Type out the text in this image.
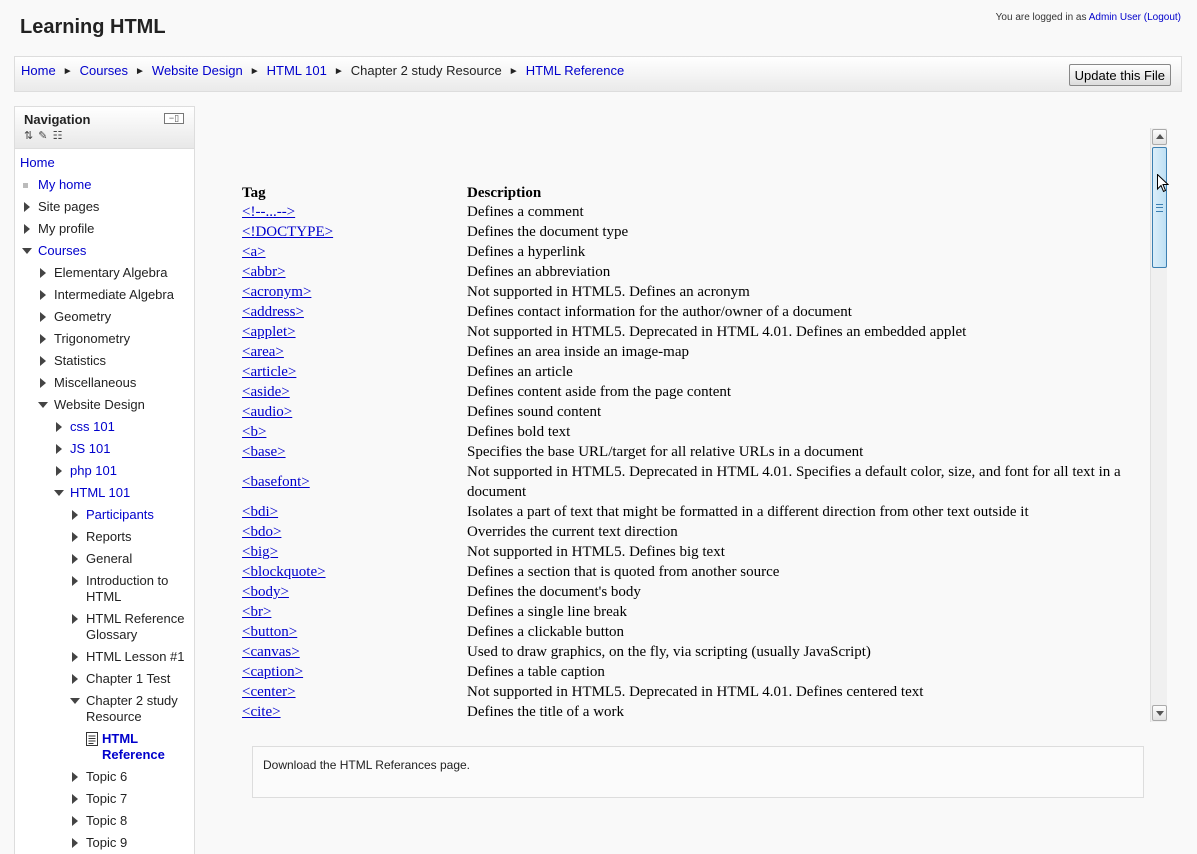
Learning HTML	You are logged in as Admin User (Logout)
Home ► Courses ► Website Design ► HTML 101 ► Chapter 2 study Resource ► HTML Reference	Update this File
Navigation
⇅ ✎ ☷
−▯
Home
My home
Site pages
My profile
Courses
Elementary Algebra
Intermediate Algebra
Geometry
Trigonometry
Statistics
Miscellaneous
Website Design
css 101
JS 101
php 101
HTML 101
Participants
Reports
General
Introduction to HTML
HTML Reference Glossary
HTML Lesson #1
Chapter 1 Test
Chapter 2 study Resource
HTML Reference
Topic 6
Topic 7
Topic 8
Topic 9
Tag	Description
<!--...-->	Defines a comment
<!DOCTYPE>	Defines the document type
<a>	Defines a hyperlink
<abbr>	Defines an abbreviation
<acronym>	Not supported in HTML5. Defines an acronym
<address>	Defines contact information for the author/owner of a document
<applet>	Not supported in HTML5. Deprecated in HTML 4.01. Defines an embedded applet
<area>	Defines an area inside an image-map
<article>	Defines an article
<aside>	Defines content aside from the page content
<audio>	Defines sound content
<b>	Defines bold text
<base>	Specifies the base URL/target for all relative URLs in a document
<basefont>	Not supported in HTML5. Deprecated in HTML 4.01. Specifies a default color, size, and font for all text in a document
<bdi>	Isolates a part of text that might be formatted in a different direction from other text outside it
<bdo>	Overrides the current text direction
<big>	Not supported in HTML5. Defines big text
<blockquote>	Defines a section that is quoted from another source
<body>	Defines the document's body
<br>	Defines a single line break
<button>	Defines a clickable button
<canvas>	Used to draw graphics, on the fly, via scripting (usually JavaScript)
<caption>	Defines a table caption
<center>	Not supported in HTML5. Deprecated in HTML 4.01. Defines centered text
<cite>	Defines the title of a work
Download the HTML Referances page.
